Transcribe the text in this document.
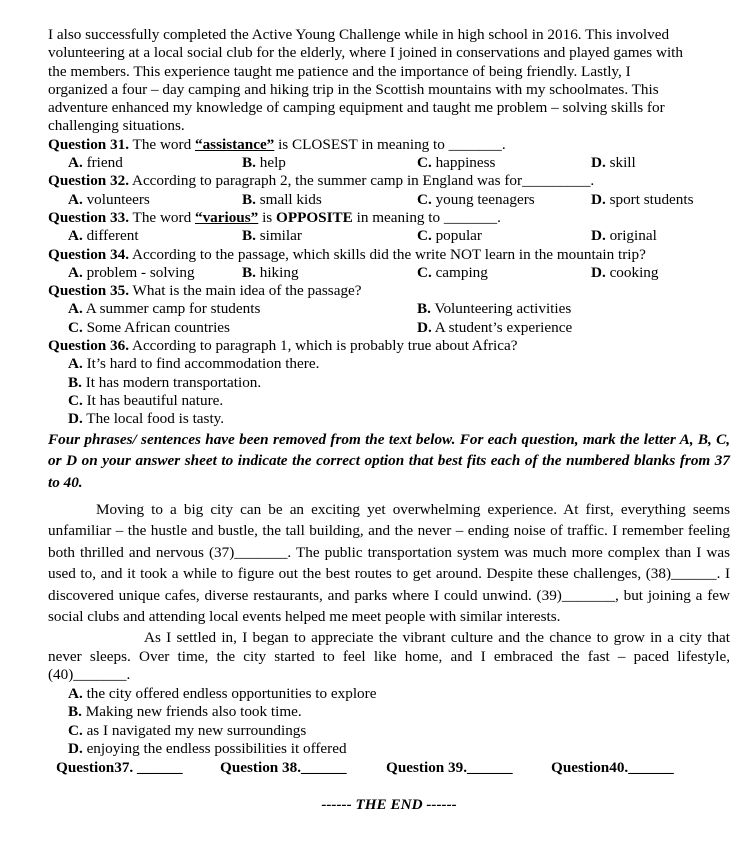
I also successfully completed the Active Young Challenge while in high school in 2016. This involved
volunteering at a local social club for the elderly, where I joined in conservations and played games with
the members. This experience taught me patience and the importance of being friendly. Lastly, I
organized a four – day camping and hiking trip in the Scottish mountains with my schoolmates. This
adventure enhanced my knowledge of camping equipment and taught me problem – solving skills for
challenging situations.
Question 31. The word “assistance” is CLOSEST in meaning to _______.
A. friend	B. help	C. happiness	D. skill
Question 32. According to paragraph 2, the summer camp in England was for_________.
A. volunteers	B. small kids	C. young teenagers	D. sport students
Question 33. The word “various” is OPPOSITE in meaning to _______.
A. different	B. similar	C. popular	D. original
Question 34. According to the passage, which skills did the write NOT learn in the mountain trip?
A. problem - solving	B. hiking	C. camping	D. cooking
Question 35. What is the main idea of the passage?
A. A summer camp for students	B. Volunteering activities
C. Some African countries	D. A student’s experience
Question 36. According to paragraph 1, which is probably true about Africa?
A. It’s hard to find accommodation there.
B. It has modern transportation.
C. It has beautiful nature.
D. The local food is tasty.

Four phrases/ sentences have been removed from the text below. For each question, mark the letter A, B, C, or D on your answer sheet to indicate the correct option that best fits each of the numbered blanks from 37 to 40.

Moving to a big city can be an exciting yet overwhelming experience. At first, everything seems unfamiliar – the hustle and bustle, the tall building, and the never – ending noise of traffic. I remember feeling both thrilled and nervous (37)_______. The public transportation system was much more complex than I was used to, and it took a while to figure out the best routes to get around. Despite these challenges, (38)______. I discovered unique cafes, diverse restaurants, and parks where I could unwind. (39)_______, but joining a few social clubs and attending local events helped me meet people with similar interests.

As I settled in, I began to appreciate the vibrant culture and the chance to grow in a city that never sleeps. Over time, the city started to feel like home, and I embraced the fast – paced lifestyle, (40)_______.

A. the city offered endless opportunities to explore
B. Making new friends also took time.
C. as I navigated my new surroundings
D. enjoying the endless possibilities it offered
Question37. ______ Question 38.______	Question 39.______	Question40.______
------ THE END ------
